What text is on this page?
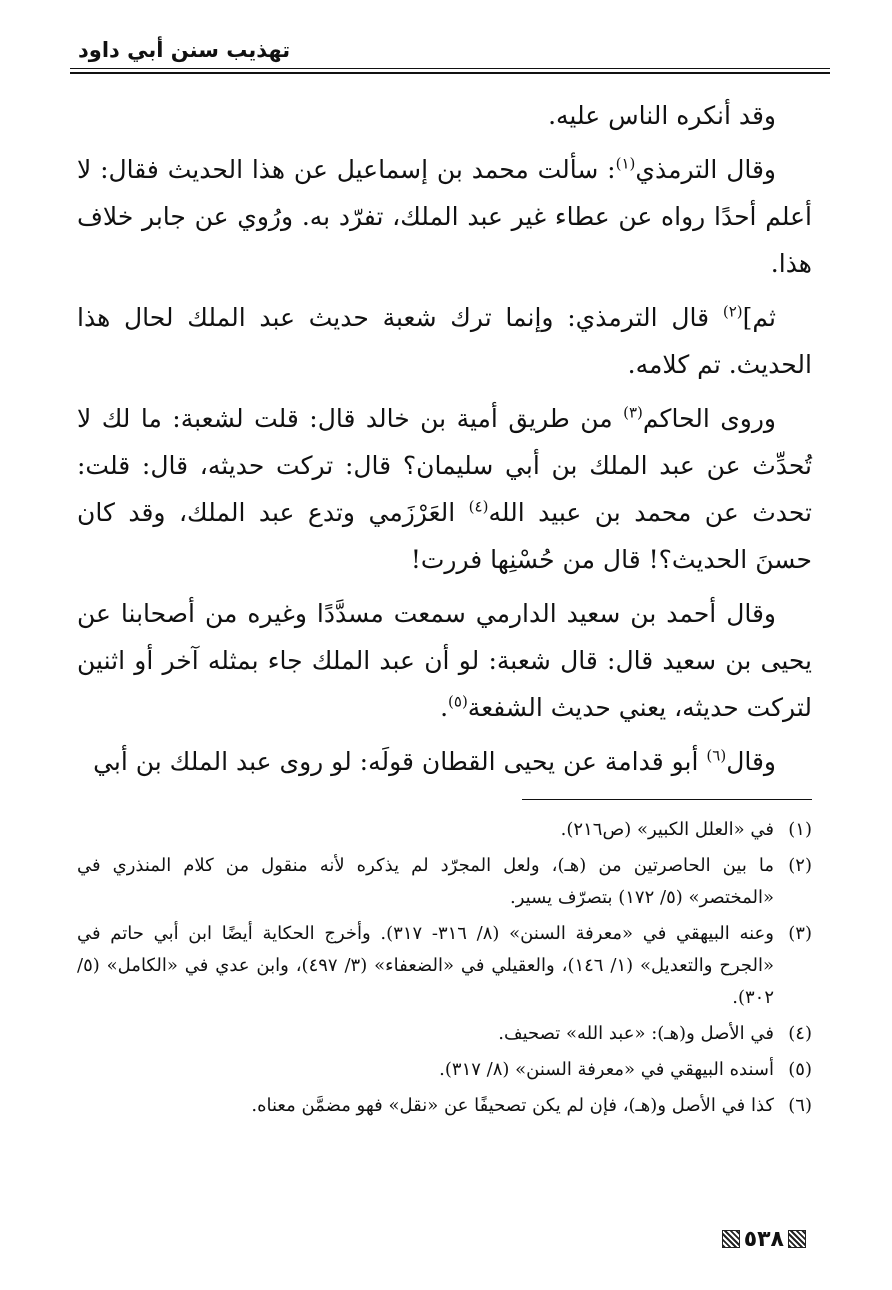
تهذيب سنن أبي داود

وقد أنكره الناس عليه.

وقال الترمذي$^{(١)}$: سألت محمد بن إسماعيل عن هذا الحديث فقال: لا أعلم أحدًا رواه عن عطاء غير عبد الملك، تفرّد به. ورُوي عن جابر خلاف هذا.

ثم]$^{(٢)}$ قال الترمذي: وإنما ترك شعبة حديث عبد الملك لحال هذا الحديث. تم كلامه.

وروى الحاكم$^{(٣)}$ من طريق أمية بن خالد قال: قلت لشعبة: ما لك لا تُحدِّث عن عبد الملك بن أبي سليمان؟ قال: تركت حديثه، قال: قلت: تحدث عن محمد بن عبيد الله$^{(٤)}$ العَرْزَمي وتدع عبد الملك، وقد كان حسنَ الحديث؟! قال من حُسْنِها فررت!

وقال أحمد بن سعيد الدارمي سمعت مسدَّدًا وغيره من أصحابنا عن يحيى بن سعيد قال: قال شعبة: لو أن عبد الملك جاء بمثله آخر أو اثنين لتركت حديثه، يعني حديث الشفعة$^{(٥)}$.

وقال$^{(٦)}$ أبو قدامة عن يحيى القطان قولَه: لو روى عبد الملك بن أبي

(١)
في «العلل الكبير» (ص٢١٦).
(٢)
ما بين الحاصرتين من (هـ)، ولعل المجرّد لم يذكره لأنه منقول من كلام المنذري في «المختصر» (٥/ ١٧٢) بتصرّف يسير.
(٣)
وعنه البيهقي في «معرفة السنن» (٨/ ٣١٦- ٣١٧). وأخرج الحكاية أيضًا ابن أبي حاتم في «الجرح والتعديل» (١/ ١٤٦)، والعقيلي في «الضعفاء» (٣/ ٤٩٧)، وابن عدي في «الكامل» (٥/ ٣٠٢).
(٤)
في الأصل و(هـ): «عبد الله» تصحيف.
(٥)
أسنده البيهقي في «معرفة السنن» (٨/ ٣١٧).
(٦)
كذا في الأصل و(هـ)، فإن لم يكن تصحيفًا عن «نقل» فهو مضمَّن معناه.
٥٣٨
